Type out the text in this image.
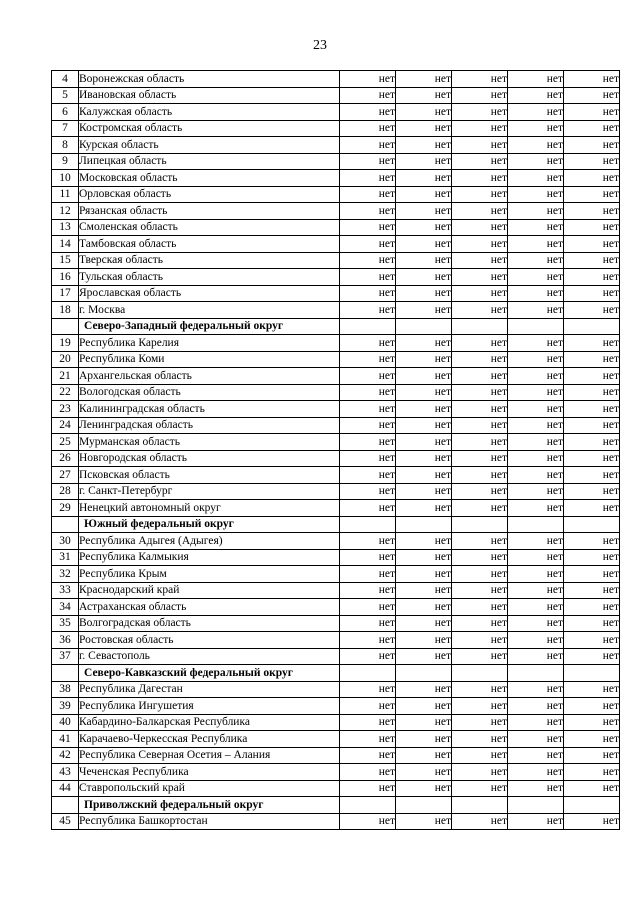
23
4	Воронежская область	нет	нет	нет	нет	нет
5	Ивановская область	нет	нет	нет	нет	нет
6	Калужская область	нет	нет	нет	нет	нет
7	Костромская область	нет	нет	нет	нет	нет
8	Курская область	нет	нет	нет	нет	нет
9	Липецкая область	нет	нет	нет	нет	нет
10	Московская область	нет	нет	нет	нет	нет
11	Орловская область	нет	нет	нет	нет	нет
12	Рязанская область	нет	нет	нет	нет	нет
13	Смоленская область	нет	нет	нет	нет	нет
14	Тамбовская область	нет	нет	нет	нет	нет
15	Тверская область	нет	нет	нет	нет	нет
16	Тульская область	нет	нет	нет	нет	нет
17	Ярославская область	нет	нет	нет	нет	нет
18	г. Москва	нет	нет	нет	нет	нет
	Северо-Западный федеральный округ					
19	Республика Карелия	нет	нет	нет	нет	нет
20	Республика Коми	нет	нет	нет	нет	нет
21	Архангельская область	нет	нет	нет	нет	нет
22	Вологодская область	нет	нет	нет	нет	нет
23	Калининградская область	нет	нет	нет	нет	нет
24	Ленинградская область	нет	нет	нет	нет	нет
25	Мурманская область	нет	нет	нет	нет	нет
26	Новгородская область	нет	нет	нет	нет	нет
27	Псковская область	нет	нет	нет	нет	нет
28	г. Санкт-Петербург	нет	нет	нет	нет	нет
29	Ненецкий автономный округ	нет	нет	нет	нет	нет
	Южный федеральный округ					
30	Республика Адыгея (Адыгея)	нет	нет	нет	нет	нет
31	Республика Калмыкия	нет	нет	нет	нет	нет
32	Республика Крым	нет	нет	нет	нет	нет
33	Краснодарский край	нет	нет	нет	нет	нет
34	Астраханская область	нет	нет	нет	нет	нет
35	Волгоградская область	нет	нет	нет	нет	нет
36	Ростовская область	нет	нет	нет	нет	нет
37	г. Севастополь	нет	нет	нет	нет	нет
	Северо-Кавказский федеральный округ					
38	Республика Дагестан	нет	нет	нет	нет	нет
39	Республика Ингушетия	нет	нет	нет	нет	нет
40	Кабардино-Балкарская Республика	нет	нет	нет	нет	нет
41	Карачаево-Черкесская Республика	нет	нет	нет	нет	нет
42	Республика Северная Осетия – Алания	нет	нет	нет	нет	нет
43	Чеченская Республика	нет	нет	нет	нет	нет
44	Ставропольский край	нет	нет	нет	нет	нет
	Приволжский федеральный округ					
45	Республика Башкортостан	нет	нет	нет	нет	нет
